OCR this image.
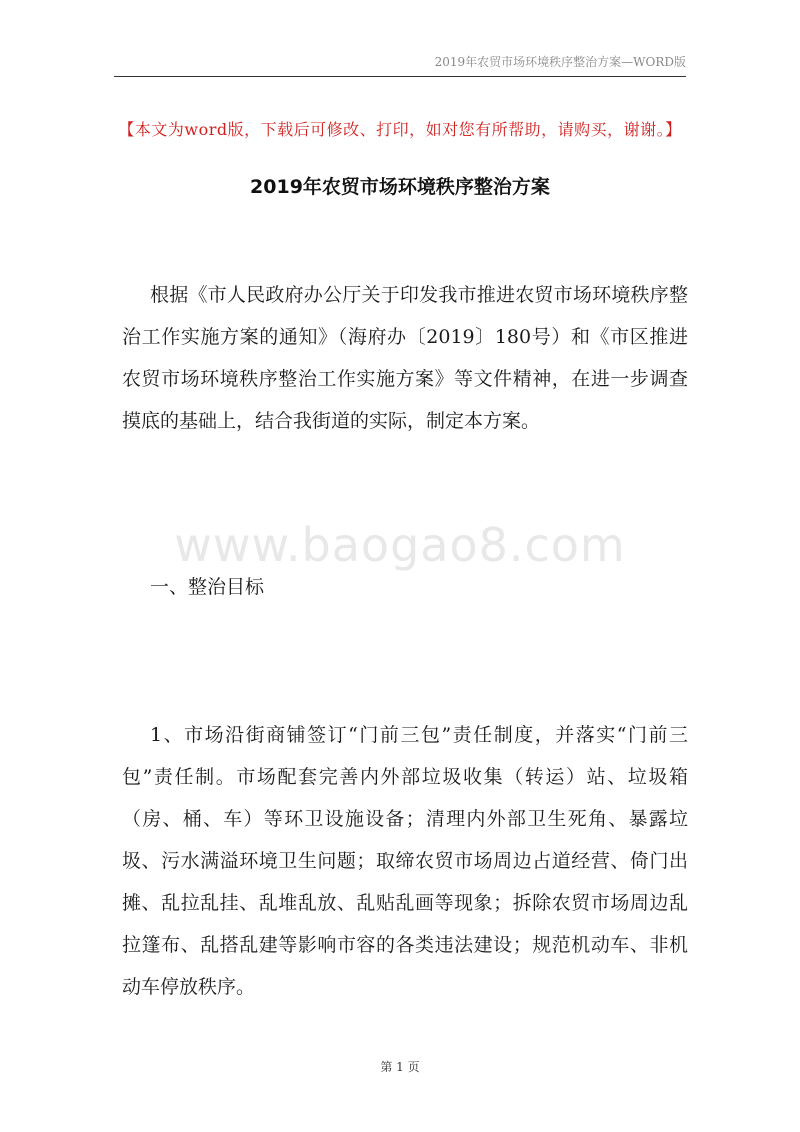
2019年农贸市场环境秩序整治方案—WORD版
【本文为word版，下载后可修改、打印，如对您有所帮助，请购买，谢谢。】
2019年农贸市场环境秩序整治方案

根据《市人民政府办公厅关于印发我市推进农贸市场环境秩序整治工作实施方案的通知》（海府办〔2019〕180号）和《市区推进农贸市场环境秩序整治工作实施方案》等文件精神，在进一步调查摸底的基础上，结合我街道的实际，制定本方案。

www.baogao8.com
一、整治目标

1、市场沿街商铺签订“门前三包”责任制度，并落实“门前三包”责任制。市场配套完善内外部垃圾收集（转运）站、垃圾箱（房、桶、车）等环卫设施设备；清理内外部卫生死角、暴露垃圾、污水满溢环境卫生问题；取缔农贸市场周边占道经营、倚门出摊、乱拉乱挂、乱堆乱放、乱贴乱画等现象；拆除农贸市场周边乱拉篷布、乱搭乱建等影响市容的各类违法建设；规范机动车、非机动车停放秩序。

第 1 页
